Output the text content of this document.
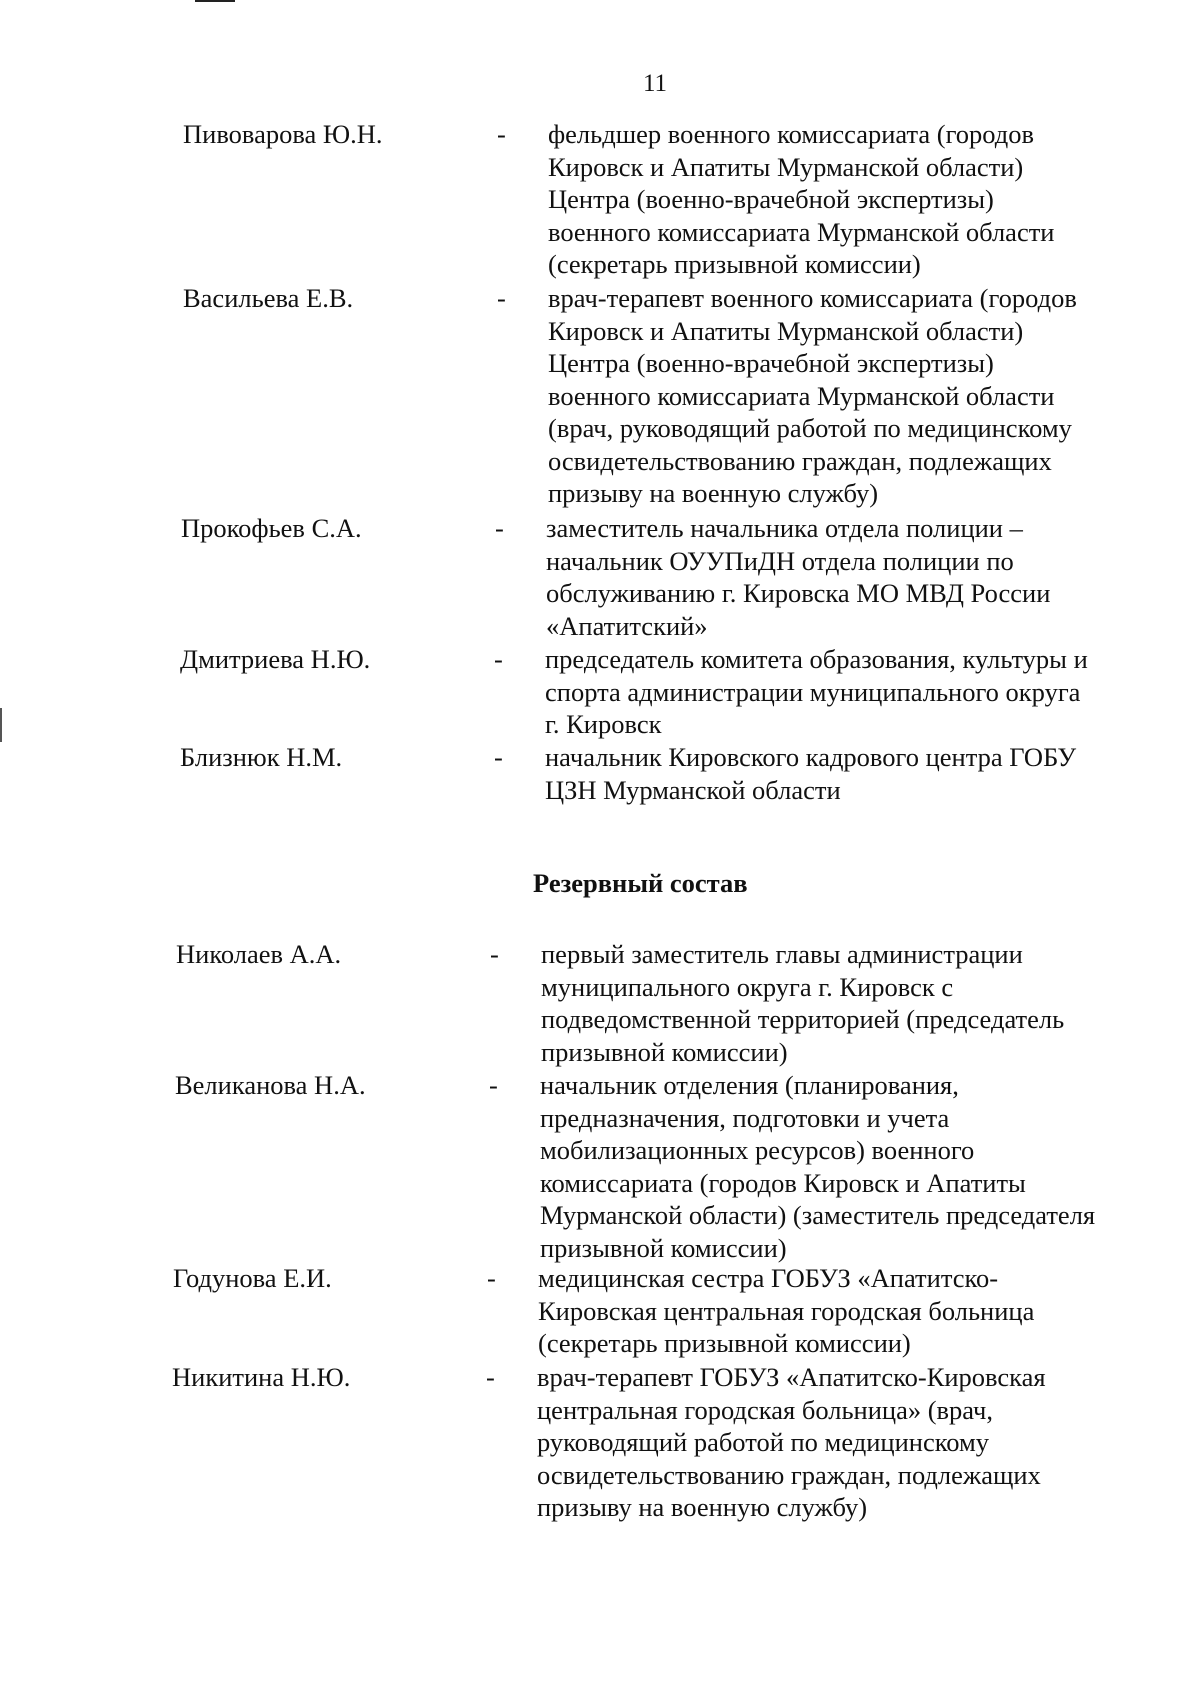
11
Пивоварова Ю.Н.	-	фельдшер военного комиссариата (городов
Кировск и Апатиты Мурманской области)
Центра (военно-врачебной экспертизы)
военного комиссариата Мурманской области
(секретарь призывной комиссии)
Васильева Е.В.	-	врач-терапевт военного комиссариата (городов
Кировск и Апатиты Мурманской области)
Центра (военно-врачебной экспертизы)
военного комиссариата Мурманской области
(врач, руководящий работой по медицинскому
освидетельствованию граждан, подлежащих
призыву на военную службу)
Прокофьев С.А.	-	заместитель начальника отдела полиции –
начальник ОУУПиДН отдела полиции по
обслуживанию г. Кировска МО МВД России
«Апатитский»
Дмитриева Н.Ю.	-	председатель комитета образования, культуры и
спорта администрации муниципального округа
г. Кировск
Близнюк Н.М.	-	начальник Кировского кадрового центра ГОБУ
ЦЗН Мурманской области
Резервный состав
Николаев А.А.	-	первый заместитель главы администрации
муниципального округа г. Кировск с
подведомственной территорией (председатель
призывной комиссии)
Великанова Н.А.	-	начальник отделения (планирования,
предназначения, подготовки и учета
мобилизационных ресурсов) военного
комиссариата (городов Кировск и Апатиты
Мурманской области) (заместитель председателя
призывной комиссии)
Годунова Е.И.	-	медицинская сестра ГОБУЗ «Апатитско-
Кировская центральная городская больница
(секретарь призывной комиссии)
Никитина Н.Ю.	-	врач-терапевт ГОБУЗ «Апатитско-Кировская
центральная городская больница» (врач,
руководящий работой по медицинскому
освидетельствованию граждан, подлежащих
призыву на военную службу)
